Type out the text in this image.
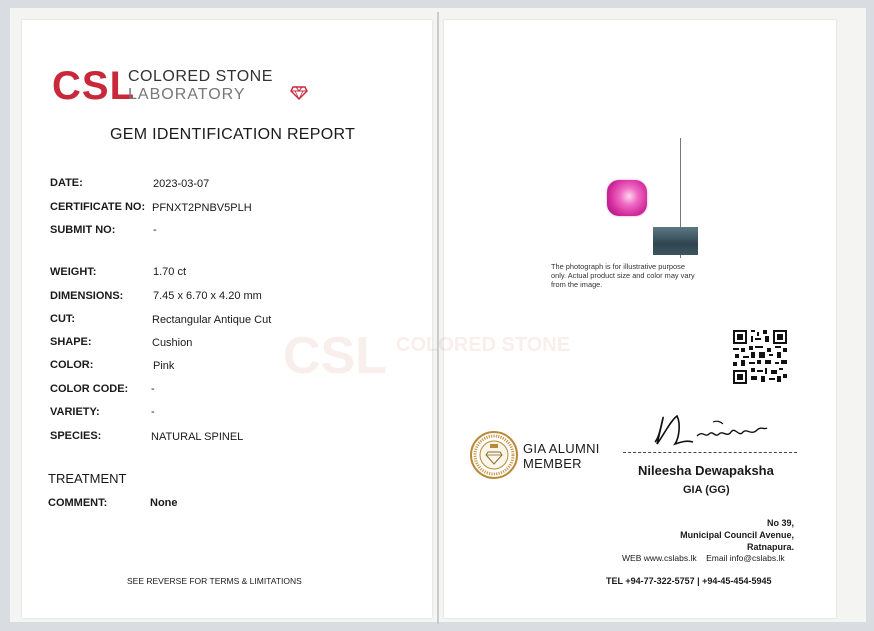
CSL COLORED STONE
CSL
COLORED STONE
LABORATORY
GEM IDENTIFICATION REPORT
DATE:	2023-03-07
CERTIFICATE NO: PFNXT2PNBV5PLH
SUBMIT NO:	-
WEIGHT:	1.70 ct
DIMENSIONS:	7.45 x 6.70 x 4.20 mm
CUT:	Rectangular Antique Cut
SHAPE:	Cushion
COLOR:	Pink
COLOR CODE: -
VARIETY:	-
SPECIES:	NATURAL SPINEL
TREATMENT
COMMENT:	None
SEE REVERSE FOR TERMS & LIMITATIONS
The photograph is for illustrative purpose only. Actual product size and color may vary from the image.
GIA ALUMNI
MEMBER	Nileesha Dewapaksha
GIA (GG)
No 39,
Municipal Council Avenue,
Ratnapura.
WEB www.cslabs.lk Email info@cslabs.lk
TEL +94-77-322-5757 | +94-45-454-5945
